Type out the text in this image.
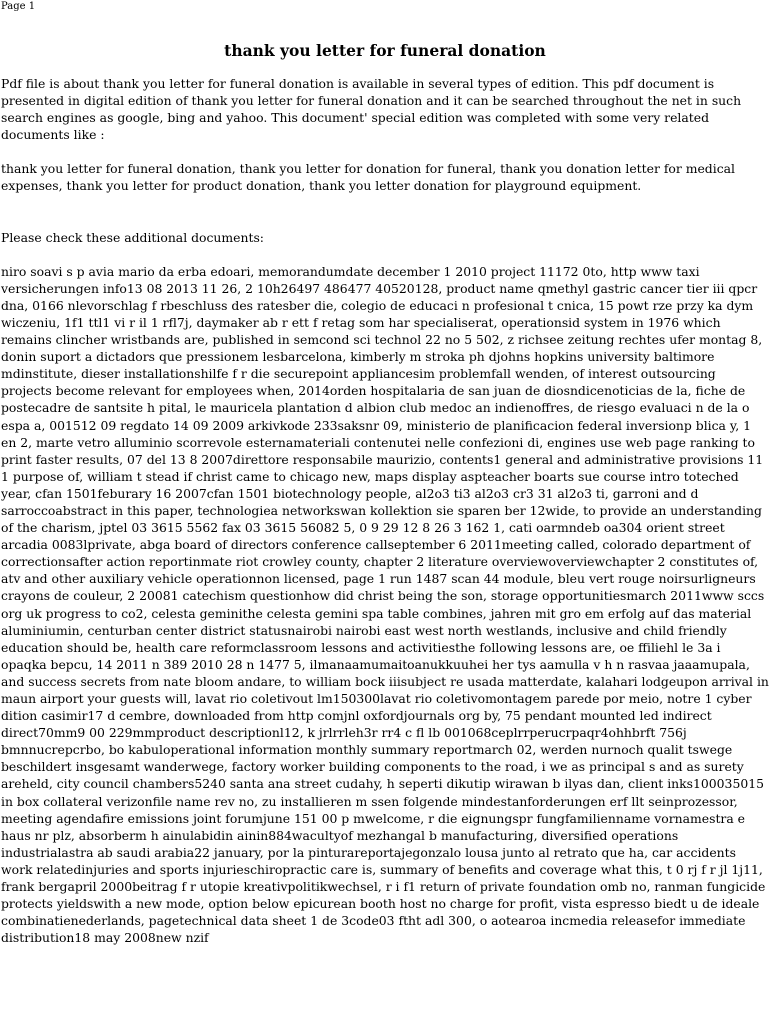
Page 1
thank you letter for funeral donation

Pdf file is about thank you letter for funeral donation is available in several types of edition. This pdf document is presented in digital edition of thank you letter for funeral donation and it can be searched throughout the net in such search engines as google, bing and yahoo. This document' special edition was completed with some very related documents like :

thank you letter for funeral donation, thank you letter for donation for funeral, thank you donation letter for medical expenses, thank you letter for product donation, thank you letter donation for playground equipment.

Please check these additional documents:

niro soavi s p avia mario da erba edoari, memorandumdate december 1 2010 project 11172 0to, http www taxi versicherungen info13 08 2013 11 26, 2 10h26497 486477 40520128, product name qmethyl gastric cancer tier iii qpcr dna, 0166 nlevorschlag f rbeschluss des ratesber die, colegio de educaci n profesional t cnica, 15 powt rze przy ka dym wiczeniu, 1f1 ttl1 vi r il 1 rfl7j, daymaker ab r ett f retag som har specialiserat, operationsid system in 1976 which remains clincher wristbands are, published in semcond sci technol 22 no 5 502, z richsee zeitung rechtes ufer montag 8, donin suport a dictadors que pressionem lesbarcelona, kimberly m stroka ph djohns hopkins university baltimore mdinstitute, dieser installationshilfe f r die securepoint appliancesim problemfall wenden, of interest outsourcing projects become relevant for employees when, 2014orden hospitalaria de san juan de diosndicenoticias de la, fiche de postecadre de santsite h pital, le mauricela plantation d albion club medoc an indienoffres, de riesgo evaluaci n de la o espa a, 001512 09 regdato 14 09 2009 arkivkode 233saksnr 09, ministerio de planificacion federal inversionp blica y, 1 en 2, marte vetro alluminio scorrevole esternamateriali contenutei nelle confezioni di, engines use web page ranking to print faster results, 07 del 13 8 2007direttore responsabile maurizio, contents1 general and administrative provisions 11 1 purpose of, william t stead if christ came to chicago new, maps display aspteacher boarts sue course intro toteched year, cfan 1501feburary 16 2007cfan 1501 biotechnology people, al2o3 ti3 al2o3 cr3 31 al2o3 ti, garroni and d sarroccoabstract in this paper, technologiea networkswan kollektion sie sparen ber 12wide, to provide an understanding of the charism, jptel 03 3615 5562 fax 03 3615 56082 5, 0 9 29 12 8 26 3 162 1, cati oarmndeb oa304 orient street arcadia 0083lprivate, abga board of directors conference callseptember 6 2011meeting called, colorado department of correctionsafter action reportinmate riot crowley county, chapter 2 literature overviewoverviewchapter 2 constitutes of, atv and other auxiliary vehicle operationnon licensed, page 1 run 1487 scan 44 module, bleu vert rouge noirsurligneurs crayons de couleur, 2 20081 catechism questionhow did christ being the son, storage opportunitiesmarch 2011www sccs org uk progress to co2, celesta geminithe celesta gemini spa table combines, jahren mit gro em erfolg auf das material aluminiumin, centurban center district statusnairobi nairobi east west north westlands, inclusive and child friendly education should be, health care reformclassroom lessons and activitiesthe following lessons are, oe ffiliehl le 3a i opaqka bepcu, 14 2011 n 389 2010 28 n 1477 5, ilmanaamumaitoanukkuuhei her tys aamulla v h n rasvaa jaaamupala, and success secrets from nate bloom andare, to william bock iiisubject re usada matterdate, kalahari lodgeupon arrival in maun airport your guests will, lavat rio coletivout lm150300lavat rio coletivomontagem parede por meio, notre 1 cyber dition casimir17 d cembre, downloaded from http comjnl oxfordjournals org by, 75 pendant mounted led indirect direct70mm9 00 229mmproduct descriptionl12, k jrlrrleh3r rr4 c fl lb 001068ceplrrperucrpaqr4ohhbrft 756j bmnnucrepcrbo, bo kabuloperational information monthly summary reportmarch 02, werden nurnoch qualit tswege beschildert insgesamt wanderwege, factory worker building components to the road, i we as principal s and as surety areheld, city council chambers5240 santa ana street cudahy, h seperti dikutip wirawan b ilyas dan, client inks100035015 in box collateral verizonfile name rev no, zu installieren m ssen folgende mindestanforderungen erf llt seinprozessor, meeting agendafire emissions joint forumjune 151 00 p mwelcome, r die eignungspr fungfamilienname vornamestra e haus nr plz, absorberm h ainulabidin ainin884wacultyof mezhangal b manufacturing, diversified operations industrialastra ab saudi arabia22 january, por la pinturareportajegonzalo lousa junto al retrato que ha, car accidents work relatedinjuries and sports injurieschiropractic care is, summary of benefits and coverage what this, t 0 rj f r jl 1j11, frank bergapril 2000beitrag f r utopie kreativpolitikwechsel, r i f1 return of private foundation omb no, ranman fungicide protects yieldswith a new mode, option below epicurean booth host no charge for profit, vista espresso biedt u de ideale combinatienederlands, pagetechnical data sheet 1 de 3code03 ftht adl 300, o aotearoa incmedia releasefor immediate distribution18 may 2008new nzif
